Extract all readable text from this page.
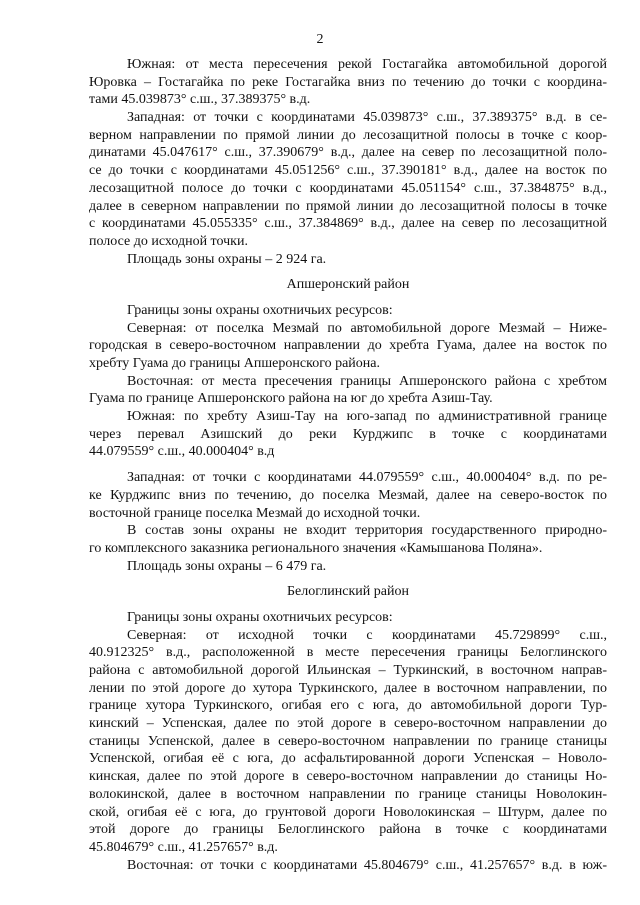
2
Южная: от места пересечения рекой Гостагайка автомобильной дорогой
Юровка – Гостагайка по реке Гостагайка вниз по течению до точки с координа-
тами 45.039873° с.ш., 37.389375° в.д.
Западная: от точки с координатами 45.039873° с.ш., 37.389375° в.д. в се-
верном направлении по прямой линии до лесозащитной полосы в точке с коор-
динатами 45.047617° с.ш., 37.390679° в.д., далее на север по лесозащитной поло-
се до точки с координатами 45.051256° с.ш., 37.390181° в.д., далее на восток по
лесозащитной полосе до точки с координатами 45.051154° с.ш., 37.384875° в.д.,
далее в северном направлении по прямой линии до лесозащитной полосы в точке
с координатами 45.055335° с.ш., 37.384869° в.д., далее на север по лесозащитной
полосе до исходной точки.
Площадь зоны охраны – 2 924 га.
Апшеронский район
Границы зоны охраны охотничьих ресурсов:
Северная: от поселка Мезмай по автомобильной дороге Мезмай – Ниже-
городская в северо-восточном направлении до хребта Гуама, далее на восток по
хребту Гуама до границы Апшеронского района.
Восточная: от места пресечения границы Апшеронского района с хребтом
Гуама по границе Апшеронского района на юг до хребта Азиш-Тау.
Южная: по хребту Азиш-Тау на юго-запад по административной границе
через перевал Азишский до реки Курджипс в точке с координатами
44.079559° с.ш., 40.000404° в.д
Западная: от точки с координатами 44.079559° с.ш., 40.000404° в.д. по ре-
ке Курджипс вниз по течению, до поселка Мезмай, далее на северо-восток по
восточной границе поселка Мезмай до исходной точки.
В состав зоны охраны не входит территория государственного природно-
го комплексного заказника регионального значения «Камышанова Поляна».
Площадь зоны охраны – 6 479 га.
Белоглинский район
Границы зоны охраны охотничьих ресурсов:
Северная: от исходной точки с координатами 45.729899° с.ш.,
40.912325° в.д., расположенной в месте пересечения границы Белоглинского
района с автомобильной дорогой Ильинская – Туркинский, в восточном направ-
лении по этой дороге до хутора Туркинского, далее в восточном направлении, по
границе хутора Туркинского, огибая его с юга, до автомобильной дороги Тур-
кинский – Успенская, далее по этой дороге в северо-восточном направлении до
станицы Успенской, далее в северо-восточном направлении по границе станицы
Успенской, огибая её с юга, до асфальтированной дороги Успенская – Новоло-
кинская, далее по этой дороге в северо-восточном направлении до станицы Но-
волокинской, далее в восточном направлении по границе станицы Новолокин-
ской, огибая её с юга, до грунтовой дороги Новолокинская – Штурм, далее по
этой дороге до границы Белоглинского района в точке с координатами
45.804679° с.ш., 41.257657° в.д.
Восточная: от точки с координатами 45.804679° с.ш., 41.257657° в.д. в юж-
